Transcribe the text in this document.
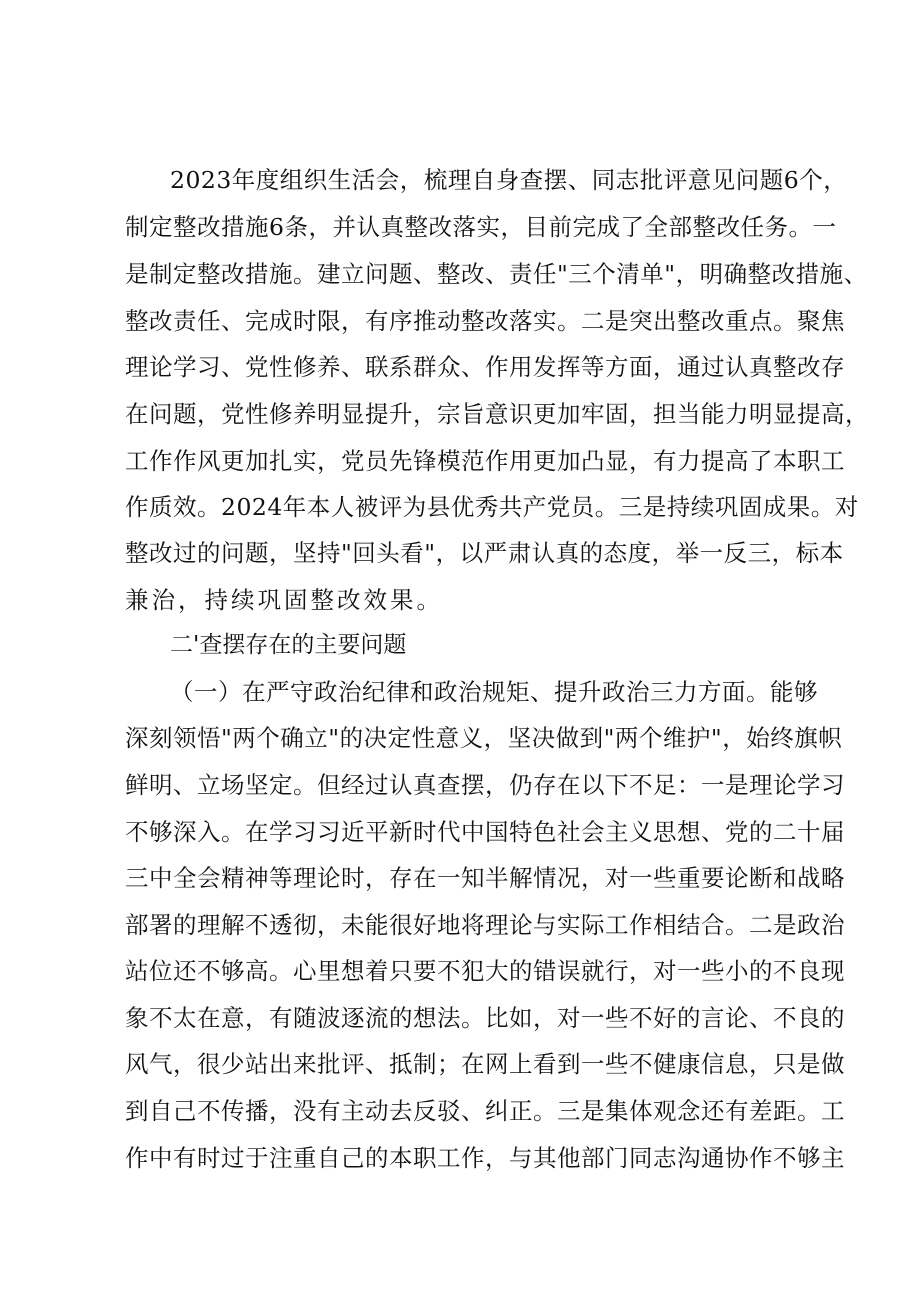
2023年度组织生活会，梳理自身查摆、同志批评意见问题6个，
制定整改措施6条，并认真整改落实，目前完成了全部整改任务。一
是制定整改措施。建立问题、整改、责任"三个清单"，明确整改措施、
整改责任、完成时限，有序推动整改落实。二是突出整改重点。聚焦
理论学习、党性修养、联系群众、作用发挥等方面，通过认真整改存
在问题，党性修养明显提升，宗旨意识更加牢固，担当能力明显提高，
工作作风更加扎实，党员先锋模范作用更加凸显，有力提高了本职工
作质效。2024年本人被评为县优秀共产党员。三是持续巩固成果。对
整改过的问题，坚持"回头看"，以严肃认真的态度，举一反三，标本
兼治，持续巩固整改效果。
二'查摆存在的主要问题
（一）在严守政治纪律和政治规矩、提升政治三力方面。能够
深刻领悟"两个确立"的决定性意义，坚决做到"两个维护"，始终旗帜
鲜明、立场坚定。但经过认真查摆，仍存在以下不足：一是理论学习
不够深入。在学习习近平新时代中国特色社会主义思想、党的二十届
三中全会精神等理论时，存在一知半解情况，对一些重要论断和战略
部署的理解不透彻，未能很好地将理论与实际工作相结合。二是政治
站位还不够高。心里想着只要不犯大的错误就行，对一些小的不良现
象不太在意，有随波逐流的想法。比如，对一些不好的言论、不良的
风气，很少站出来批评、抵制；在网上看到一些不健康信息，只是做
到自己不传播，没有主动去反驳、纠正。三是集体观念还有差距。工
作中有时过于注重自己的本职工作，与其他部门同志沟通协作不够主
